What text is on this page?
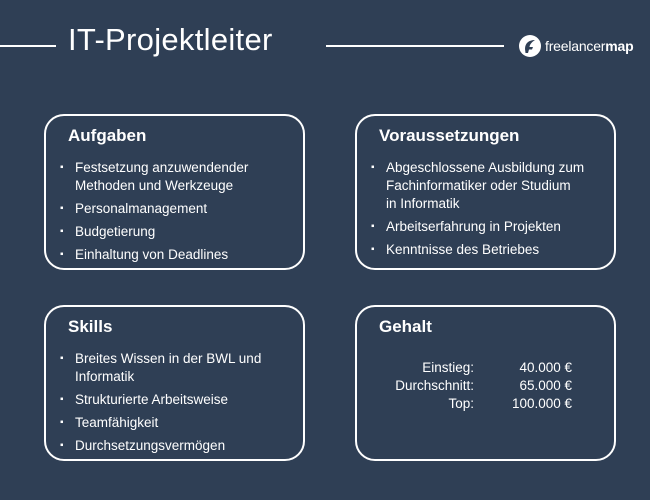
IT-Projektleiter	freelancermap
Aufgaben
▪ Festsetzung anzuwendender
Methoden und Werkzeuge
▪ Personalmanagement
▪ Budgetierung
▪ Einhaltung von Deadlines
Voraussetzungen
▪ Abgeschlossene Ausbildung zum
Fachinformatiker oder Studium
in Informatik
▪ Arbeitserfahrung in Projekten
▪ Kenntnisse des Betriebes
Skills
▪ Breites Wissen in der BWL und
Informatik
▪ Strukturierte Arbeitsweise
▪ Teamfähigkeit
▪ Durchsetzungsvermögen
Gehalt
Einstieg:	40.000 €
Durchschnitt:	65.000 €
Top:	100.000 €
